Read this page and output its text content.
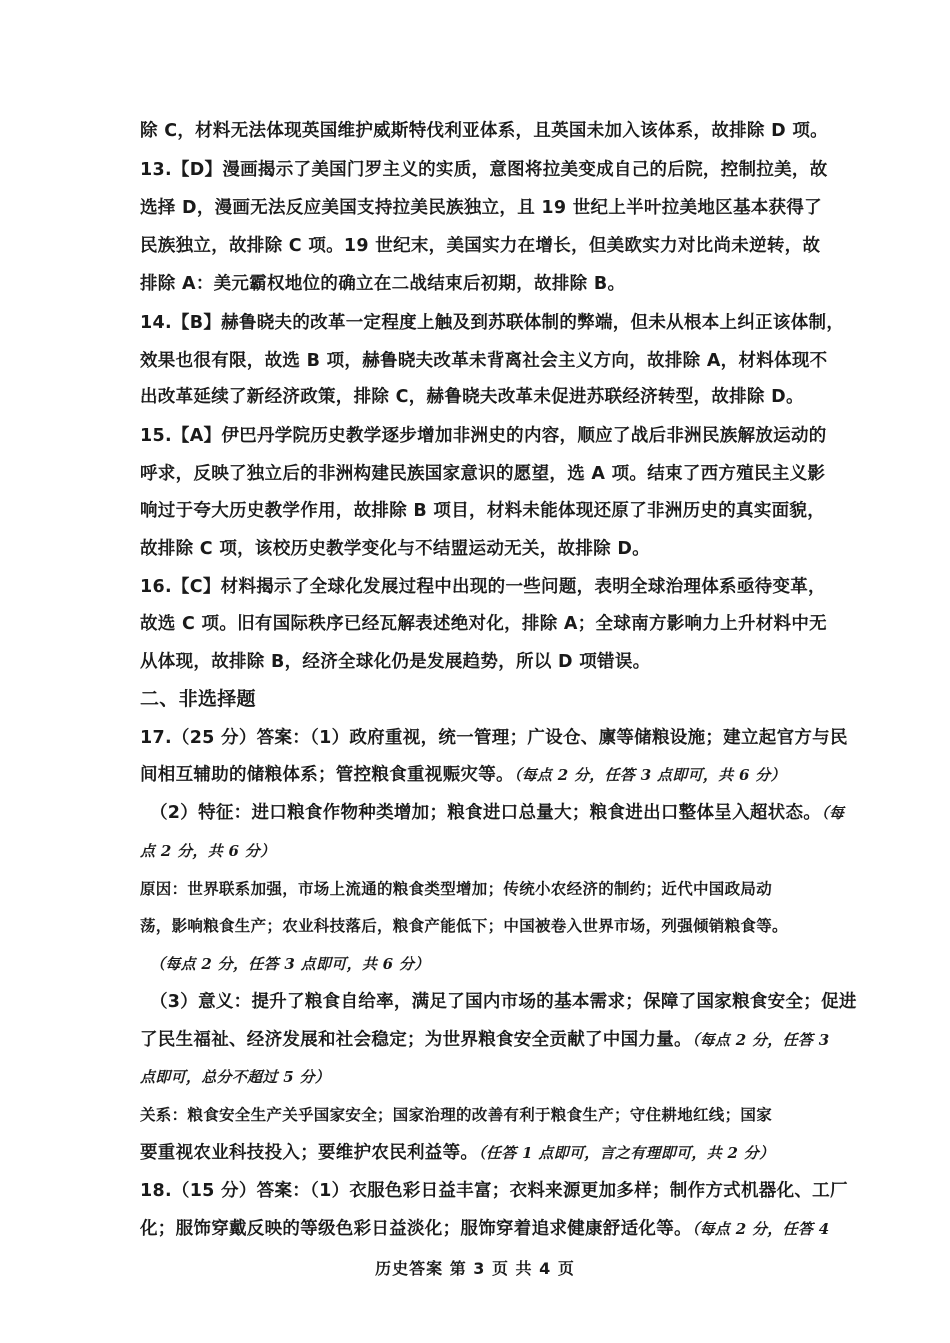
除 C，材料无法体现英国维护威斯特伐利亚体系，且英国未加入该体系，故排除 D 项。
13.【D】漫画揭示了美国门罗主义的实质，意图将拉美变成自己的后院，控制拉美，故
选择 D，漫画无法反应美国支持拉美民族独立，且 19 世纪上半叶拉美地区基本获得了
民族独立，故排除 C 项。19 世纪末，美国实力在增长，但美欧实力对比尚未逆转，故
排除 A：美元霸权地位的确立在二战结束后初期，故排除 B。
14.【B】赫鲁晓夫的改革一定程度上触及到苏联体制的弊端，但未从根本上纠正该体制，
效果也很有限，故选 B 项，赫鲁晓夫改革未背离社会主义方向，故排除 A，材料体现不
出改革延续了新经济政策，排除 C，赫鲁晓夫改革未促进苏联经济转型，故排除 D。
15.【A】伊巴丹学院历史教学逐步增加非洲史的内容，顺应了战后非洲民族解放运动的
呼求，反映了独立后的非洲构建民族国家意识的愿望，选 A 项。结束了西方殖民主义影
响过于夸大历史教学作用，故排除 B 项目，材料未能体现还原了非洲历史的真实面貌，
故排除 C 项，该校历史教学变化与不结盟运动无关，故排除 D。
16.【C】材料揭示了全球化发展过程中出现的一些问题，表明全球治理体系亟待变革，
故选 C 项。旧有国际秩序已经瓦解表述绝对化，排除 A；全球南方影响力上升材料中无
从体现，故排除 B，经济全球化仍是发展趋势，所以 D 项错误。
二、非选择题
17.（25 分）答案：（1）政府重视，统一管理；广设仓、廪等储粮设施；建立起官方与民
间相互辅助的储粮体系；管控粮食重视赈灾等。（每点 2 分，任答 3 点即可，共 6 分）
（2）特征：进口粮食作物种类增加；粮食进口总量大；粮食进出口整体呈入超状态。（每
点 2 分，共 6 分）
原因：世界联系加强，市场上流通的粮食类型增加；传统小农经济的制约；近代中国政局动
荡，影响粮食生产；农业科技落后，粮食产能低下；中国被卷入世界市场，列强倾销粮食等。
（每点 2 分，任答 3 点即可，共 6 分）
（3）意义：提升了粮食自给率，满足了国内市场的基本需求；保障了国家粮食安全；促进
了民生福祉、经济发展和社会稳定；为世界粮食安全贡献了中国力量。（每点 2 分，任答 3
点即可，总分不超过 5 分）
关系：粮食安全生产关乎国家安全；国家治理的改善有利于粮食生产；守住耕地红线；国家
要重视农业科技投入；要维护农民利益等。（任答 1 点即可，言之有理即可，共 2 分）
18.（15 分）答案：（1）衣服色彩日益丰富；衣料来源更加多样；制作方式机器化、工厂
化；服饰穿戴反映的等级色彩日益淡化；服饰穿着追求健康舒适化等。（每点 2 分，任答 4
历史答案 第 3 页 共 4 页
